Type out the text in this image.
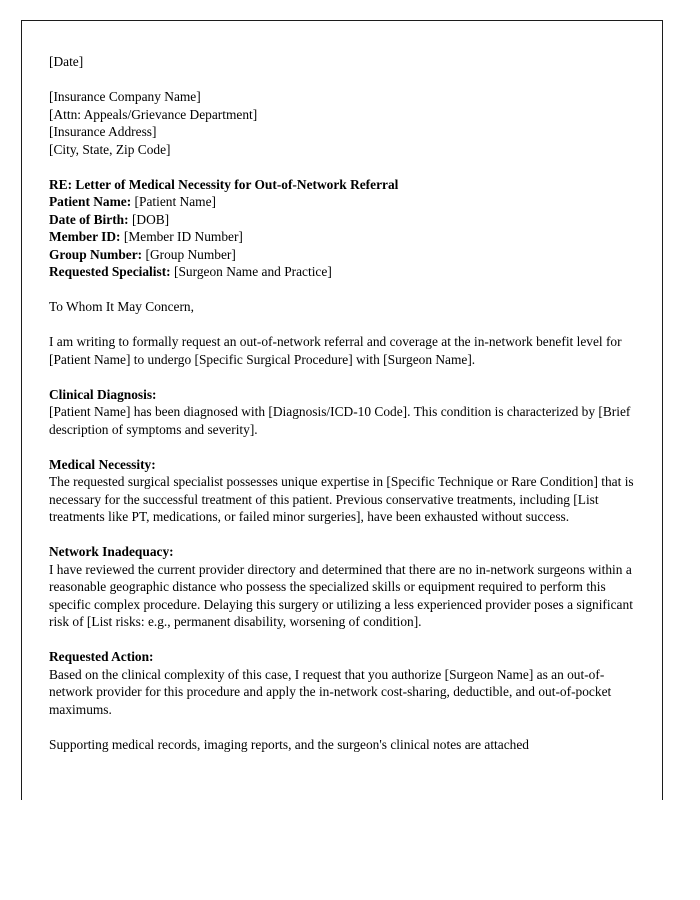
[Date]

[Insurance Company Name]
[Attn: Appeals/Grievance Department]
[Insurance Address]
[City, State, Zip Code]
RE: Letter of Medical Necessity for Out-of-Network Referral
Patient Name: [Patient Name]
Date of Birth: [DOB]
Member ID: [Member ID Number]
Group Number: [Group Number]
Requested Specialist: [Surgeon Name and Practice]

To Whom It May Concern,

I am writing to formally request an out-of-network referral and coverage at the in-network benefit level for [Patient Name] to undergo [Specific Surgical Procedure] with [Surgeon Name].

Clinical Diagnosis:
[Patient Name] has been diagnosed with [Diagnosis/ICD-10 Code]. This condition is characterized by [Brief description of symptoms and severity].
Medical Necessity:
The requested surgical specialist possesses unique expertise in [Specific Technique or Rare Condition] that is necessary for the successful treatment of this patient. Previous conservative treatments, including [List treatments like PT, medications, or failed minor surgeries], have been exhausted without success.
Network Inadequacy:
I have reviewed the current provider directory and determined that there are no in-network surgeons within a reasonable geographic distance who possess the specialized skills or equipment required to perform this specific complex procedure. Delaying this surgery or utilizing a less experienced provider poses a significant risk of [List risks: e.g., permanent disability, worsening of condition].
Requested Action:
Based on the clinical complexity of this case, I request that you authorize [Surgeon Name] as an out-of-network provider for this procedure and apply the in-network cost-sharing, deductible, and out-of-pocket maximums.

Supporting medical records, imaging reports, and the surgeon's clinical notes are attached
